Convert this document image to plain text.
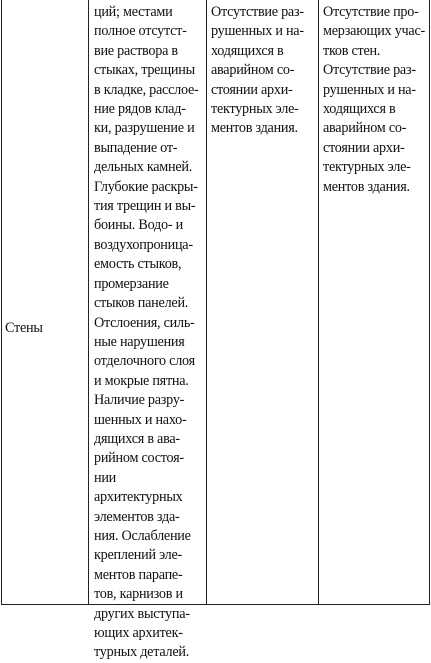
Стены
ций; местами
полное отсутст-
вие раствора в
стыках, трещины
в кладке, расслое-
ние рядов клад-
ки, разрушение и
выпадение от-
дельных камней.
Глубокие раскры-
тия трещин и вы-
боины. Водо- и
воздухопроница-
емость стыков,
промерзание
стыков панелей.
Отслоения, силь-
ные нарушения
отделочного слоя
и мокрые пятна.
Наличие разру-
шенных и нахо-
дящихся в ава-
рийном состоя-
нии
архитектурных
элементов зда-
ния. Ослабление
креплений эле-
ментов парапе-
тов, карнизов и
других выступа-
ющих архитек-
турных деталей.
Отсутствие раз-
рушенных и на-
ходящихся в
аварийном со-
стоянии архи-
тектурных эле-
ментов здания.
Отсутствие про-
мерзающих учас-
тков стен.
Отсутствие раз-
рушенных и на-
ходящихся в
аварийном со-
стоянии архи-
тектурных эле-
ментов здания.
